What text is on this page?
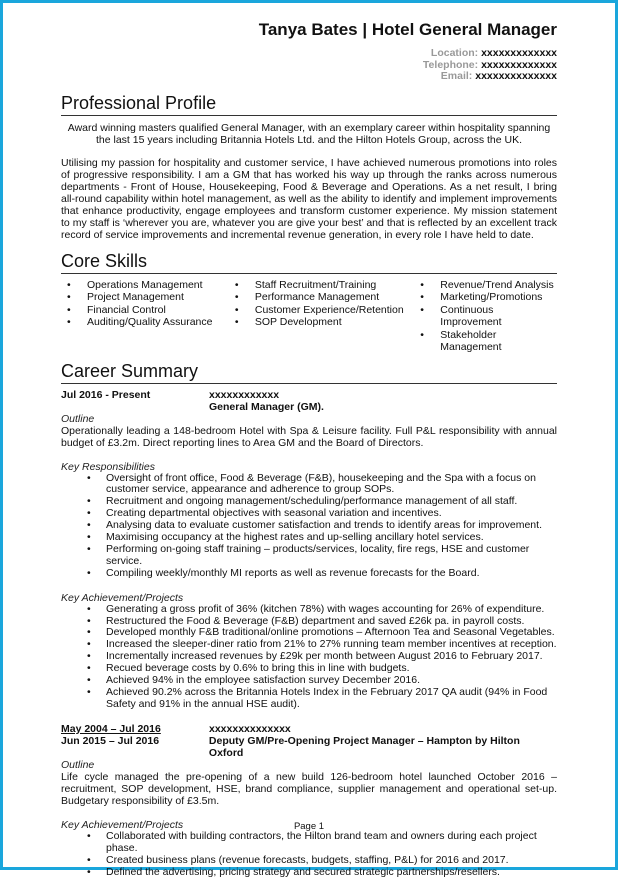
Tanya Bates | Hotel General Manager
Location: xxxxxxxxxxxxx
Telephone: xxxxxxxxxxxxx
Email: xxxxxxxxxxxxxx
Professional Profile

Award winning masters qualified General Manager, with an exemplary career within hospitality spanning the last 15 years including Britannia Hotels Ltd. and the Hilton Hotels Group, across the UK.

Utilising my passion for hospitality and customer service, I have achieved numerous promotions into roles of progressive responsibility. I am a GM that has worked his way up through the ranks across numerous departments - Front of House, Housekeeping, Food & Beverage and Operations. As a net result, I bring all-round capability within hotel management, as well as the ability to identify and implement improvements that enhance productivity, engage employees and transform customer experience. My mission statement to my staff is ‘wherever you are, whatever you are give your best’ and that is reflected by an excellent track record of service improvements and incremental revenue generation, in every role I have held to date.

Core Skills
• Operations Management
• Project Management
• Financial Control
• Auditing/Quality Assurance
• Staff Recruitment/Training
• Performance Management
• Customer Experience/Retention
• SOP Development
• Revenue/Trend Analysis
• Marketing/Promotions
• Continuous Improvement
• Stakeholder Management
Career Summary
Jul 2016 - Present	xxxxxxxxxxxx
General Manager (GM).
Outline

Operationally leading a 148-bedroom Hotel with Spa & Leisure facility. Full P&L responsibility with annual budget of £3.2m. Direct reporting lines to Area GM and the Board of Directors.

Key Responsibilities
• Oversight of front office, Food & Beverage (F&B), housekeeping and the Spa with a focus on customer service, appearance and adherence to group SOPs.
• Recruitment and ongoing management/scheduling/performance management of all staff.
• Creating departmental objectives with seasonal variation and incentives.
• Analysing data to evaluate customer satisfaction and trends to identify areas for improvement.
• Maximising occupancy at the highest rates and up-selling ancillary hotel services.
• Performing on-going staff training – products/services, locality, fire regs, HSE and customer service.
• Compiling weekly/monthly MI reports as well as revenue forecasts for the Board.
Key Achievement/Projects
• Generating a gross profit of 36% (kitchen 78%) with wages accounting for 26% of expenditure.
• Restructured the Food & Beverage (F&B) department and saved £26k pa. in payroll costs.
• Developed monthly F&B traditional/online promotions – Afternoon Tea and Seasonal Vegetables.
• Increased the sleeper-diner ratio from 21% to 27% running team member incentives at reception.
• Incrementally increased revenues by £29k per month between August 2016 to February 2017.
• Recued beverage costs by 0.6% to bring this in line with budgets.
• Achieved 94% in the employee satisfaction survey December 2016.
• Achieved 90.2% across the Britannia Hotels Index in the February 2017 QA audit (94% in Food Safety and 91% in the annual HSE audit).
May 2004 – Jul 2016	xxxxxxxxxxxxxx
Jun 2015 – Jul 2016	Deputy GM/Pre-Opening Project Manager – Hampton by Hilton Oxford
Outline

Life cycle managed the pre-opening of a new build 126-bedroom hotel launched October 2016 – recruitment, SOP development, HSE, brand compliance, supplier management and operational set-up. Budgetary responsibility of £3.5m.

Key Achievement/Projects
• Collaborated with building contractors, the Hilton brand team and owners during each project phase.
• Created business plans (revenue forecasts, budgets, staffing, P&L) for 2016 and 2017.
• Defined the advertising, pricing strategy and secured strategic partnerships/resellers.
Page 1
